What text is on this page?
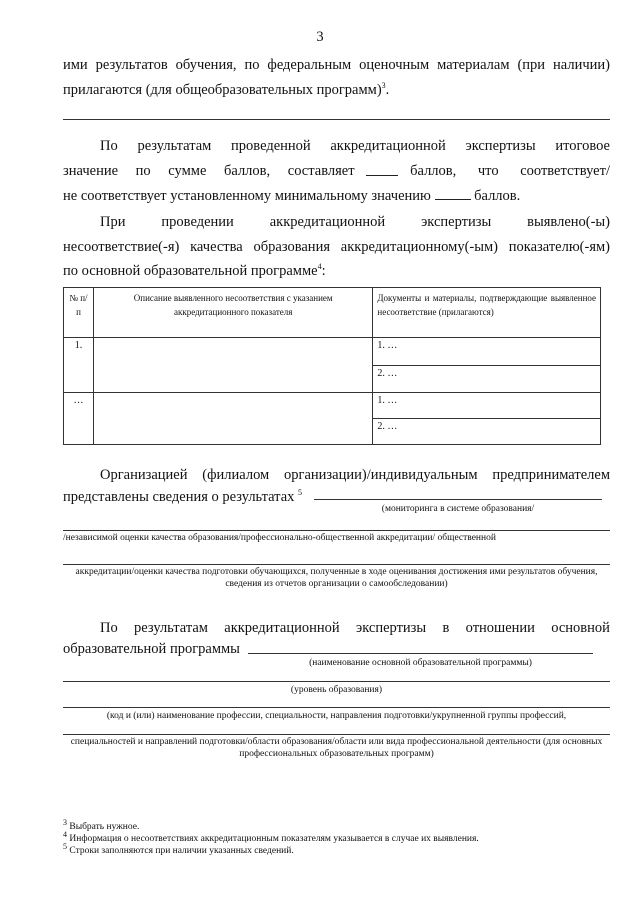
3
ими результатов обучения, по федеральным оценочным материалам (при наличии)
прилагаются (для общеобразовательных программ)$^3$.
По результатам проведенной аккредитационной экспертизы итоговое
значение по сумме баллов, составляет	баллов, что соответствует/
не соответствует установленному минимальному значению	баллов.
При проведении аккредитационной экспертизы выявлено(-ы)
несоответствие(-я) качества образования аккредитационному(-ым) показателю(-ям)
по основной образовательной программе$^4$:
№ п/п	Описание выявленного несоответствия с указанием аккредитационного показателя	Документы и материалы, подтверждающие выявленное несоответствие (прилагаются)
1.		1. …
		2. …
…		1. …
		2. …
Организацией (филиалом организации)/индивидуальным предпринимателем
представлены сведения о результатах $^5$
(мониторинга в системе образования/
/независимой оценки качества образования/профессионально-общественной аккредитации/ общественной
аккредитации/оценки качества подготовки обучающихся, полученные в ходе оценивания достижения ими результатов обучения, сведения из отчетов организации о самообследовании)
По результатам аккредитационной экспертизы в отношении основной
образовательной программы
(наименование основной образовательной программы)
(уровень образования)
(код и (или) наименование профессии, специальности, направления подготовки/укрупненной группы профессий,
специальностей и направлений подготовки/области образования/области или вида профессиональной деятельности (для основных профессиональных образовательных программ)
$^3$ Выбрать нужное.
$^4$ Информация о несоответствиях аккредитационным показателям указывается в случае их выявления.
$^5$ Строки заполняются при наличии указанных сведений.
